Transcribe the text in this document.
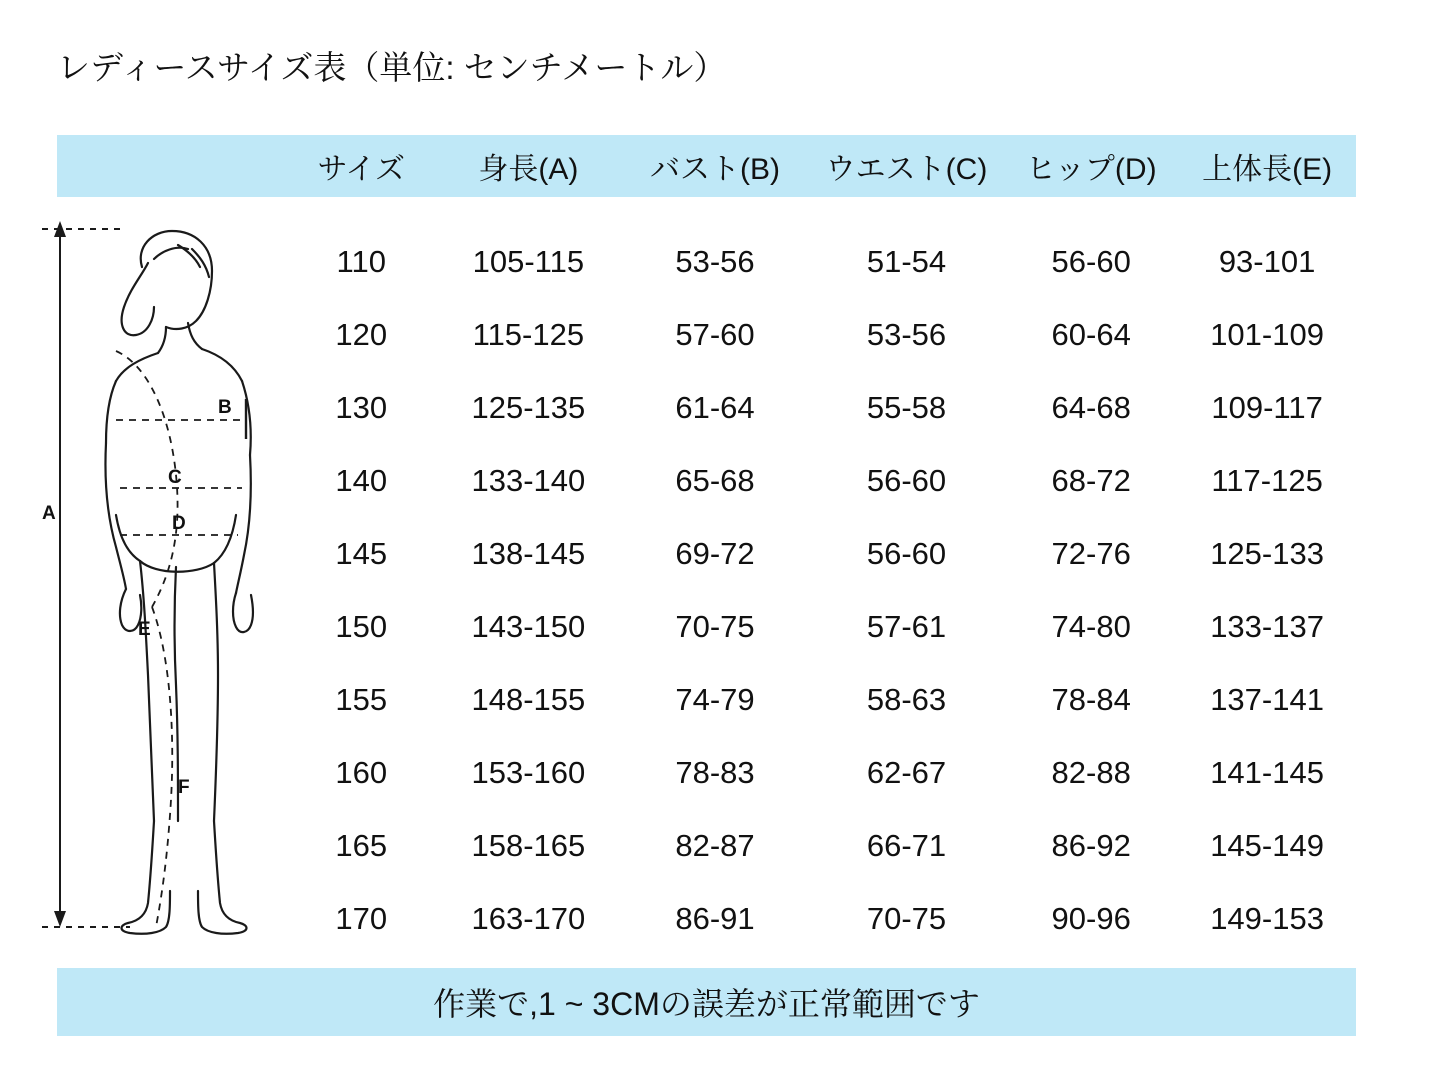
レディースサイズ表（単位: センチメートル）
サイズ	身長(A)	バスト(B)	ウエスト(C)	ヒップ(D)	上体長(E)
110	105-115	53-56	51-54	56-60	93-101
120	115-125	57-60	53-56	60-64	101-109
130	125-135	61-64	55-58	64-68	109-117
140	133-140	65-68	56-60	68-72	117-125
145	138-145	69-72	56-60	72-76	125-133
150	143-150	70-75	57-61	74-80	133-137
155	148-155	74-79	58-63	78-84	137-141
160	153-160	78-83	62-67	82-88	141-145
165	158-165	82-87	66-71	86-92	145-149
170	163-170	86-91	70-75	90-96	149-153
作業で,1 ~ 3CMの誤差が正常範囲です
A
B
C
D
E
F
